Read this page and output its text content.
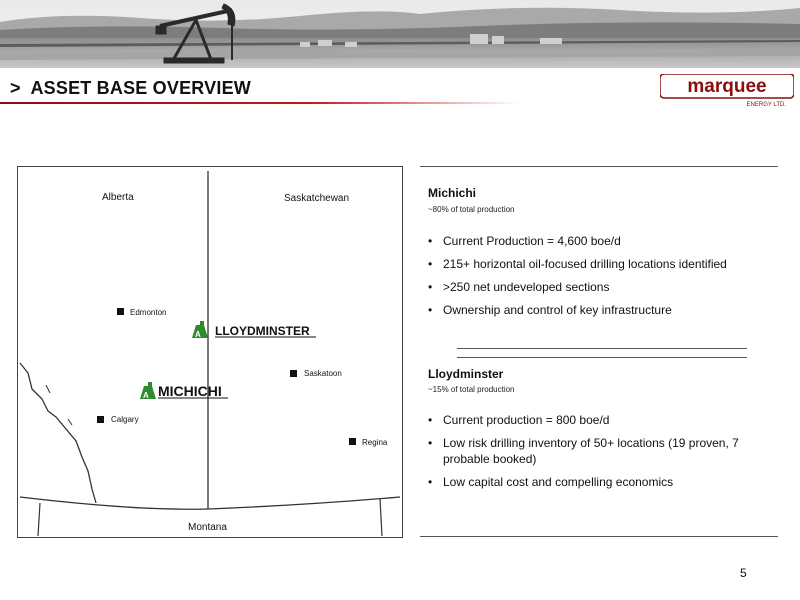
> ASSET BASE OVERVIEW	marquee
ENERGY LTD.
Alberta	Saskatchewan
Montana
Edmonton
Calgary
Saskatoon
Regina
A LLOYDMINSTER
A MICHICHI
Michichi
~80% of total production
• Current Production = 4,600 boe/d
• 215+ horizontal oil-focused drilling locations identified
• >250 net undeveloped sections
• Ownership and control of key infrastructure
Lloydminster
~15% of total production
• Current production = 800 boe/d
• Low risk drilling inventory of 50+ locations (19 proven, 7 probable booked)
• Low capital cost and compelling economics
5
